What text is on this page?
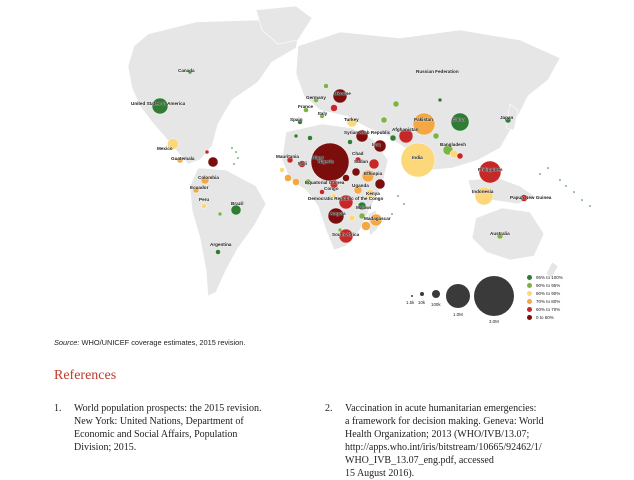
Canada	Russian Federation
United States of America
Mexico
Guatemala
Colombia
Ecuador
Peru
Brazil
Argentina
Germany
France
Spain
Italy
Ukraine
Turkey
Syrian Arab Republic
Iraq
Afghanistan
Pakistan
India
Bangladesh
China	Japan
Philippines
Indonesia
Papua New Guinea
Australia
Mauritania
Mali
Niger
Chad
Sudan
Ethiopia
Nigeria
Equatorial Guinea
Congo
Uganda
Kenya
Democratic Republic of the Congo
Angola
Malawi
Madagascar
South Africa
95% to 100%
90% to 95%
80% to 90%
70% to 80%
60% to 70%
0 to 60%
1.5k 10k 100k
1.0M
3.0M
Source: WHO/UNICEF coverage estimates, 2015 revision.
References
1. World population prospects: the 2015 revision.
New York: United Nations, Department of
Economic and Social Affairs, Population
Division; 2015.
2. Vaccination in acute humanitarian emergencies:
a framework for decision making. Geneva: World
Health Organization; 2013 (WHO/IVB/13.07;
http://apps.who.int/iris/bitstream/10665/92462/1/
WHO_IVB_13.07_eng.pdf, accessed
15 August 2016).
